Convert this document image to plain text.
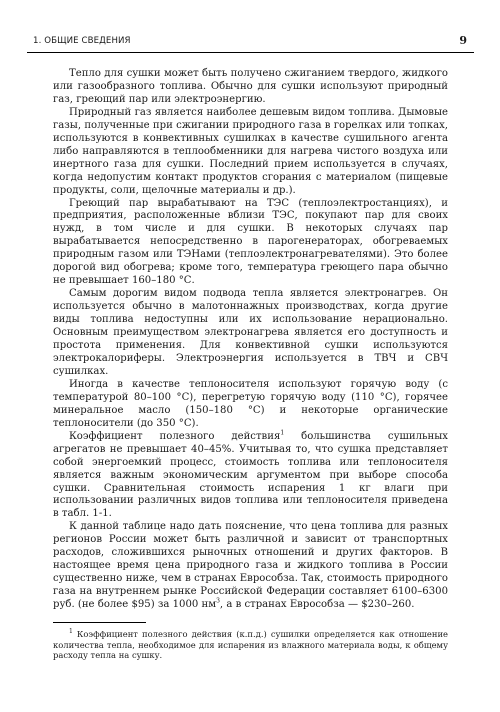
1. ОБЩИЕ СВЕДЕНИЯ	9

Тепло для сушки может быть получено сжиганием твердого, жидкого или газообразного топлива. Обычно для сушки используют природный газ, греющий пар или электроэнергию.

Природный газ является наиболее дешевым видом топлива. Дымовые газы, полученные при сжигании природного газа в горелках или топках, используются в конвективных сушилках в качестве сушильного агента либо направляются в теплообменники для нагрева чистого воздуха или инертного газа для сушки. Последний прием используется в случаях, когда недопустим контакт продуктов сгорания с материалом (пищевые продукты, соли, щелочные материалы и др.).

Греющий пар вырабатывают на ТЭС (теплоэлектростанциях), и предприятия, расположенные вблизи ТЭС, покупают пар для своих нужд, в том числе и для сушки. В некоторых случаях пар вырабатывается непосредственно в парогенераторах, обогреваемых природным газом или ТЭНами (теплоэлектронагревателями). Это более дорогой вид обогрева; кроме того, температура греющего пара обычно не превышает 160–180 °С.

Самым дорогим видом подвода тепла является электронагрев. Он используется обычно в малотоннажных производствах, когда другие виды топлива недоступны или их использование нерационально. Основным преимуществом электронагрева является его доступность и простота применения. Для конвективной сушки используются электрокалориферы. Электроэнергия используется в ТВЧ и СВЧ сушилках.

Иногда в качестве теплоносителя используют горячую воду (с температурой 80–100 °С), перегретую горячую воду (110 °С), горячее минеральное масло (150–180 °С) и некоторые органические теплоносители (до 350 °С).

Коэффициент полезного действия$^1$ большинства сушильных агрегатов не превышает 40–45%. Учитывая то, что сушка представляет собой энергоемкий процесс, стоимость топлива или теплоносителя является важным экономическим аргументом при выборе способа сушки. Сравнительная стоимость испарения 1 кг влаги при использовании различных видов топлива или теплоносителя приведена в табл. 1-1.

К данной таблице надо дать пояснение, что цена топлива для разных регионов России может быть различной и зависит от транспортных расходов, сложившихся рыночных отношений и других факторов. В настоящее время цена природного газа и жидкого топлива в России существенно ниже, чем в странах Еврособза. Так, стоимость природного газа на внутреннем рынке Российской Федерации составляет 6100–6300 руб. (не более $95) за 1000 $нм^3$, а в странах Еврособза — $230–260.

$^1$ Коэффициент полезного действия (к.п.д.) сушилки определяется как отношение количества тепла, необходимое для испарения из влажного материала воды, к общему расходу тепла на сушку.
